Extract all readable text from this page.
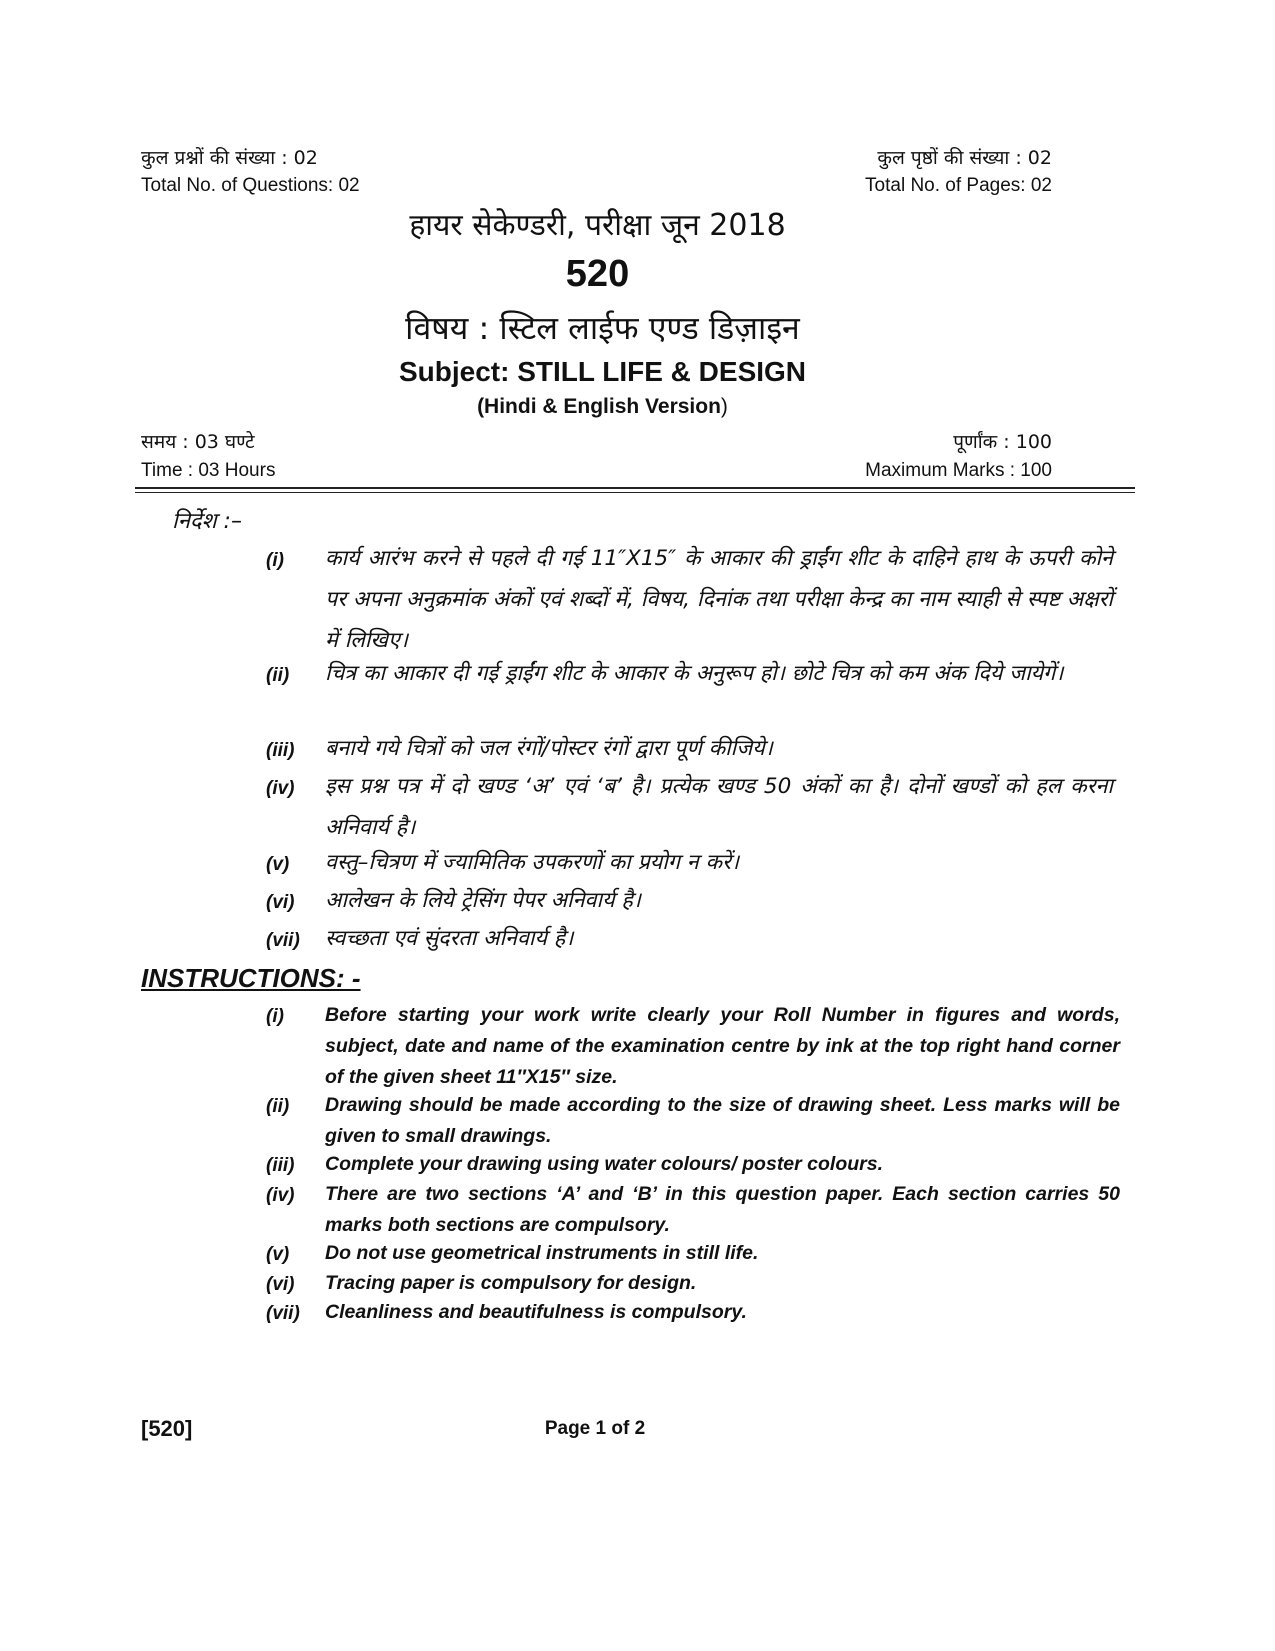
कुल प्रश्नों की संख्या : 02
Total No. of Questions: 02
कुल पृष्ठों की संख्या : 02
Total No. of Pages: 02
हायर सेकेण्डरी, परीक्षा जून 2018
520
विषय : स्टिल लाईफ एण्ड डिज़ाइन
Subject: STILL LIFE & DESIGN
(Hindi & English Version)
समय : 03 घण्टे
Time : 03 Hours
पूर्णांक : 100
Maximum Marks : 100
निर्देश :–
(i) कार्य आरंभ करने से पहले दी गई 11″X15″ के आकार की ड्राईंग शीट के दाहिने हाथ के ऊपरी कोने पर अपना अनुक्रमांक अंकों एवं शब्दों में, विषय, दिनांक तथा परीक्षा केन्द्र का नाम स्याही से स्पष्ट अक्षरों में लिखिए।
(ii) चित्र का आकार दी गई ड्राईंग शीट के आकार के अनुरूप हो। छोटे चित्र को कम अंक दिये जायेगें।
(iii) बनाये गये चित्रों को जल रंगों/पोस्टर रंगों द्वारा पूर्ण कीजिये।
(iv) इस प्रश्न पत्र में दो खण्ड ‘अ’ एवं ‘ब’ है। प्रत्येक खण्ड 50 अंकों का है। दोनों खण्डों को हल करना अनिवार्य है।
(v) वस्तु–चित्रण में ज्यामितिक उपकरणों का प्रयोग न करें।
(vi) आलेखन के लिये ट्रेसिंग पेपर अनिवार्य है।
(vii) स्वच्छता एवं सुंदरता अनिवार्य है।
INSTRUCTIONS: -
(i) Before starting your work write clearly your Roll Number in figures and words, subject, date and name of the examination centre by ink at the top right hand corner of the given sheet 11″X15″ size.
(ii) Drawing should be made according to the size of drawing sheet. Less marks will be given to small drawings.
(iii) Complete your drawing using water colours/ poster colours.
(iv) There are two sections ‘A’ and ‘B’ in this question paper. Each section carries 50 marks both sections are compulsory.
(v) Do not use geometrical instruments in still life.
(vi) Tracing paper is compulsory for design.
(vii) Cleanliness and beautifulness is compulsory.
[520]	Page 1 of 2
